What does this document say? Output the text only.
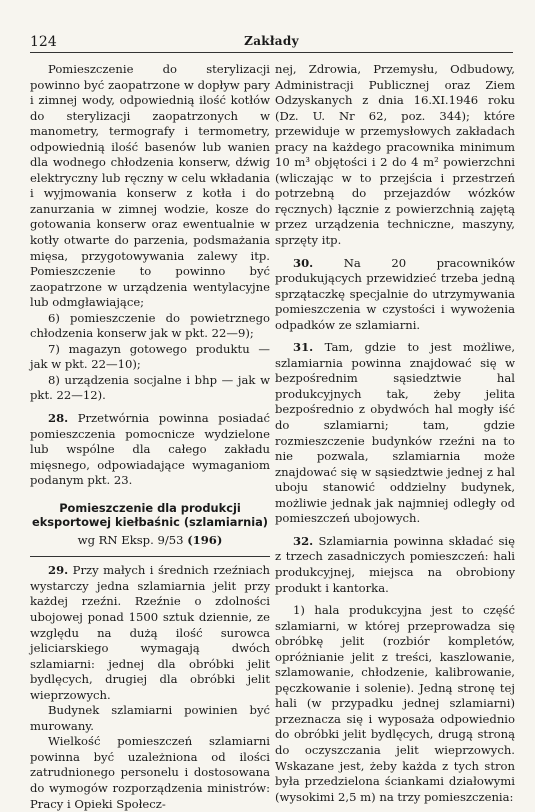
124	Zakłady

Pomieszczenie do sterylizacji powinno być zaopatrzone w dopływ pary i zimnej wody, odpowiednią ilość kotłów do sterylizacji zaopatrzonych w manometry, termografy i termometry, odpowiednią ilość basenów lub wanien dla wodnego chłodzenia konserw, dźwig elektryczny lub ręczny w celu wkładania i wyjmowania konserw z kotła i do zanurzania w zimnej wodzie, kosze do gotowania konserw oraz ewentualnie w kotły otwarte do parzenia, podsmażania mięsa, przygotowywania zalewy itp. Pomieszczenie to powinno być zaopatrzone w urządzenia wentylacyjne lub odmgławiające;

6) pomieszczenie do powietrznego chłodzenia konserw jak w pkt. 22—9);

7) magazyn gotowego produktu — jak w pkt. 22—10);

8) urządzenia socjalne i bhp — jak w pkt. 22—12).

28. Przetwórnia powinna posiadać pomieszczenia pomocnicze wydzielone lub wspólne dla całego zakładu mięsnego, odpowiadające wymaganiom podanym pkt. 23.

Pomieszczenie dla produkcji eksportowej kiełbaśnic (szlamiarnia)
wg RN Eksp. 9/53 (196)

29. Przy małych i średnich rzeźniach wystarczy jedna szlamiarnia jelit przy każdej rzeźni. Rzeźnie o zdolności ubojowej ponad 1500 sztuk dziennie, ze względu na dużą ilość surowca jeliciarskiego wymagają dwóch szlamiarni: jednej dla obróbki jelit bydlęcych, drugiej dla obróbki jelit wieprzowych.

Budynek szlamiarni powinien być murowany.

Wielkość pomieszczeń szlamiarni powinna być uzależniona od ilości zatrudnionego personelu i dostosowana do wymogów rozporządzenia ministrów: Pracy i Opieki Społecz-

nej, Zdrowia, Przemysłu, Odbudowy, Administracji Publicznej oraz Ziem Odzyskanych z dnia 16.XI.1946 roku (Dz. U. Nr 62, poz. 344); które przewiduje w przemysłowych zakładach pracy na każdego pracownika minimum 10 m³ objętości i 2 do 4 m² powierzchni (wliczając w to przejścia i przestrzeń potrzebną do przejazdów wózków ręcznych) łącznie z powierzchnią zajętą przez urządzenia techniczne, maszyny, sprzęty itp.

30.	Na 20 pracowników produkujących przewidzieć trzeba jedną sprzątaczkę specjalnie do utrzymywania pomieszczenia w czystości i wywożenia odpadków ze szlamiarni.

31. Tam, gdzie to jest możliwe, szlamiarnia powinna znajdować się w bezpośrednim sąsiedztwie hal produkcyjnych tak, żeby jelita bezpośrednio z obydwóch hal mogły iść do szlamiarni; tam, gdzie rozmieszczenie budynków rzeźni na to nie pozwala, szlamiarnia może znajdować się w sąsiedztwie jednej z hal uboju stanowić oddzielny budynek, możliwie jednak jak najmniej odległy od pomieszczeń ubojowych.

32. Szlamiarnia powinna składać się z trzech zasadniczych pomieszczeń: hali produkcyjnej, miejsca na obrobiony produkt i kantorka.

1) hala produkcyjna jest to część szlamiarni, w której przeprowadza się obróbkę jelit (rozbiór kompletów, opróżnianie jelit z treści, kaszlowanie, szlamowanie, chłodzenie, kalibrowanie, pęczkowanie i solenie). Jedną stronę tej hali (w przypadku jednej szlamiarni) przeznacza się i wyposaża odpowiednio do obróbki jelit bydlęcych, drugą stroną do oczyszczania jelit wieprzowych. Wskazane jest, żeby każda z tych stron była przedzielona ściankami działowymi (wysokimi 2,5 m) na trzy pomieszczenia:
